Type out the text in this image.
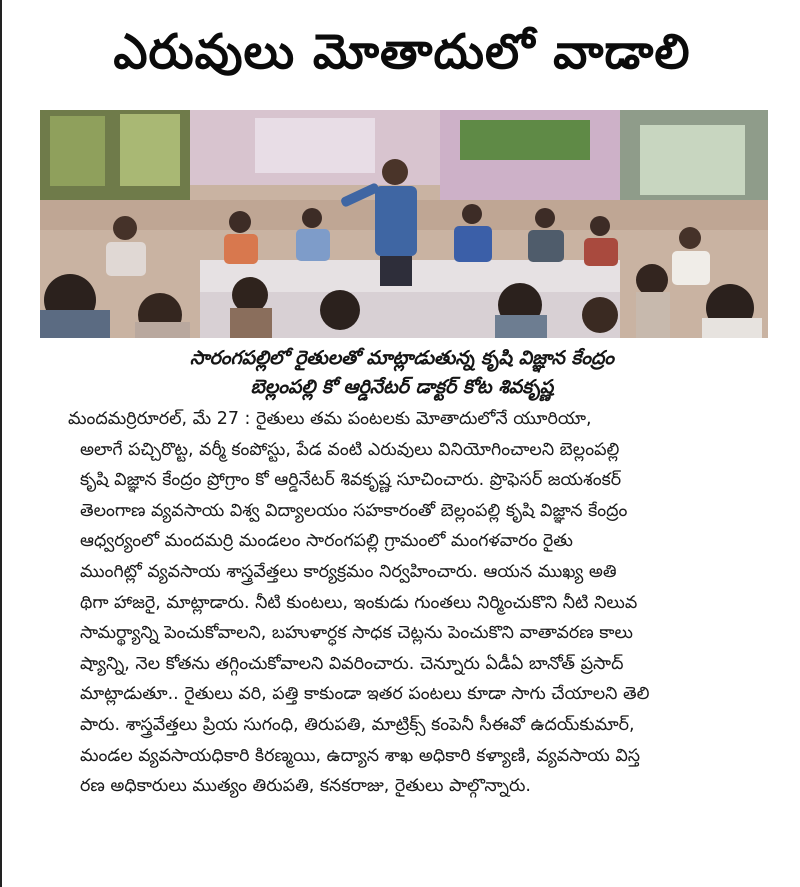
ఎరువులు మోతాదులో వాడాలి
సారంగపల్లిలో రైతులతో మాట్లాడుతున్న కృషి విజ్ఞాన కేంద్రం
బెల్లంపల్లి కో ఆర్డినేటర్ డాక్టర్ కోట శివకృష్ణ
మందమర్రిరూరల్, మే 27 : రైతులు తమ పంటలకు మోతాదులోనే యూరియా,
అలాగే పచ్చిరొట్ట, వర్మీ కంపోస్టు, పేడ వంటి ఎరువులు వినియోగించాలని బెల్లంపల్లి
కృషి విజ్ఞాన కేంద్రం ప్రోగ్రాం కో ఆర్డినేటర్ శివకృష్ణ సూచించారు. ప్రొఫెసర్ జయశంకర్
తెలంగాణ వ్యవసాయ విశ్వ విద్యాలయం సహకారంతో బెల్లంపల్లి కృషి విజ్ఞాన కేంద్రం
ఆధ్వర్యంలో మందమర్రి మండలం సారంగపల్లి గ్రామంలో మంగళవారం రైతు
ముంగిట్లో వ్యవసాయ శాస్త్రవేత్తలు కార్యక్రమం నిర్వహించారు. ఆయన ముఖ్య అతి
థిగా హాజరై, మాట్లాడారు. నీటి కుంటలు, ఇంకుడు గుంతలు నిర్మించుకొని నీటి నిలువ
సామర్థ్యాన్ని పెంచుకోవాలని, బహుళార్ధక సాధక చెట్లను పెంచుకొని వాతావరణ కాలు
ష్యాన్ని, నెల కోతను తగ్గించుకోవాలని వివరించారు. చెన్నూరు ఏడీఏ బానోత్ ప్రసాద్
మాట్లాడుతూ.. రైతులు వరి, పత్తి కాకుండా ఇతర పంటలు కూడా సాగు చేయాలని తెలి
పారు. శాస్త్రవేత్తలు ప్రియ సుగంధి, తిరుపతి, మాట్రిక్స్ కంపెనీ సీఈవో ఉదయ్‌కుమార్,
మండల వ్యవసాయధికారి కిరణ్మయి, ఉద్యాన శాఖ అధికారి కళ్యాణి, వ్యవసాయ విస్త
రణ అధికారులు ముత్యం తిరుపతి, కనకరాజు, రైతులు పాల్గొన్నారు.
